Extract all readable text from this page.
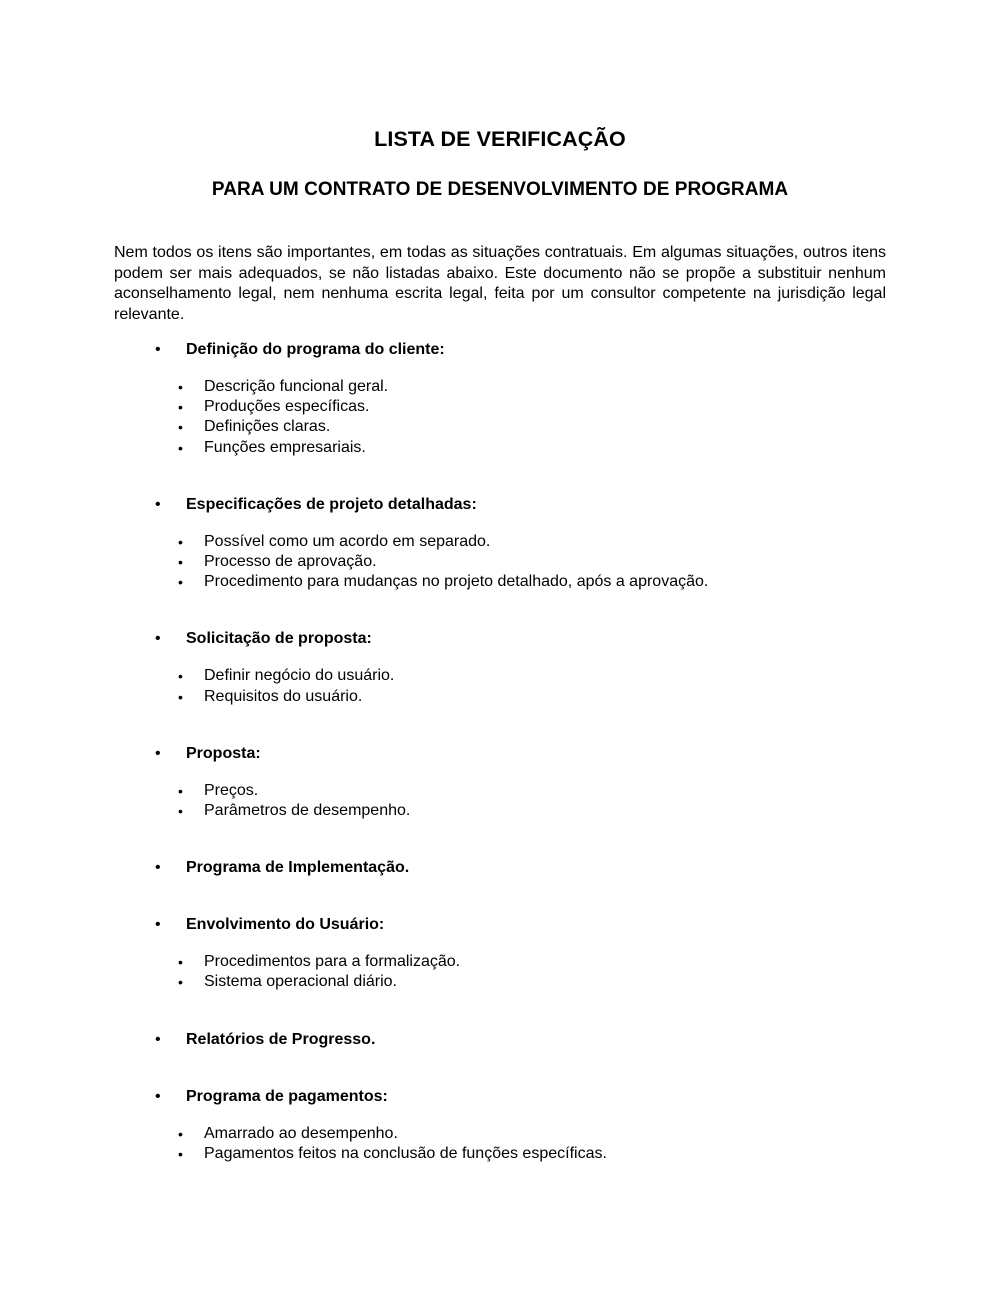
LISTA DE VERIFICAÇÃO
PARA UM CONTRATO DE DESENVOLVIMENTO DE PROGRAMA

Nem todos os itens são importantes, em todas as situações contratuais. Em algumas situações, outros itens podem ser mais adequados, se não listadas abaixo. Este documento não se propõe a substituir nenhum aconselhamento legal, nem nenhuma escrita legal, feita por um consultor competente na jurisdição legal relevante.

•	Definição do programa do cliente:
•	Descrição funcional geral.
•	Produções específicas.
•	Definições claras.
•	Funções empresariais.
•	Especificações de projeto detalhadas:
•	Possível como um acordo em separado.
•	Processo de aprovação.
•	Procedimento para mudanças no projeto detalhado, após a aprovação.
•	Solicitação de proposta:
•	Definir negócio do usuário.
•	Requisitos do usuário.
•	Proposta:
•	Preços.
•	Parâmetros de desempenho.
•	Programa de Implementação.
•	Envolvimento do Usuário:
•	Procedimentos para a formalização.
•	Sistema operacional diário.
•	Relatórios de Progresso.
•	Programa de pagamentos:
•	Amarrado ao desempenho.
•	Pagamentos feitos na conclusão de funções específicas.
